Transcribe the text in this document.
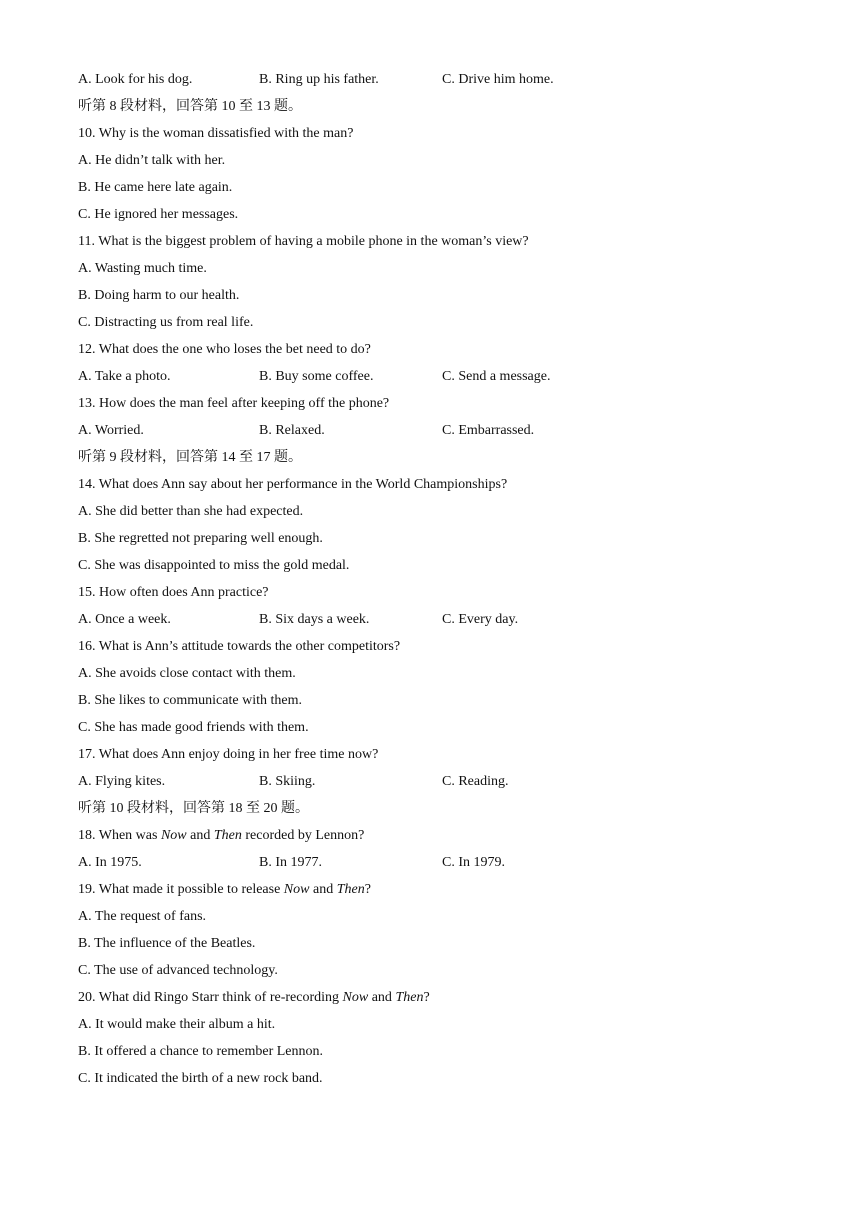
A. Look for his dog.	B. Ring up his father.	C. Drive him home.
听第 8 段材料，回答第 10 至 13 题。
10. Why is the woman dissatisfied with the man?
A. He didn’t talk with her.
B. He came here late again.
C. He ignored her messages.
11. What is the biggest problem of having a mobile phone in the woman’s view?
A. Wasting much time.
B. Doing harm to our health.
C. Distracting us from real life.
12. What does the one who loses the bet need to do?
A. Take a photo.	B. Buy some coffee.	C. Send a message.
13. How does the man feel after keeping off the phone?
A. Worried.	B. Relaxed.	C. Embarrassed.
听第 9 段材料，回答第 14 至 17 题。
14. What does Ann say about her performance in the World Championships?
A. She did better than she had expected.
B. She regretted not preparing well enough.
C. She was disappointed to miss the gold medal.
15. How often does Ann practice?
A. Once a week.	B. Six days a week.	C. Every day.
16. What is Ann’s attitude towards the other competitors?
A. She avoids close contact with them.
B. She likes to communicate with them.
C. She has made good friends with them.
17. What does Ann enjoy doing in her free time now?
A. Flying kites.	B. Skiing.	C. Reading.
听第 10 段材料，回答第 18 至 20 题。
18. When was Now and Then recorded by Lennon?
A. In 1975.	B. In 1977.	C. In 1979.
19. What made it possible to release Now and Then?
A. The request of fans.
B. The influence of the Beatles.
C. The use of advanced technology.
20. What did Ringo Starr think of re-recording Now and Then?
A. It would make their album a hit.
B. It offered a chance to remember Lennon.
C. It indicated the birth of a new rock band.
